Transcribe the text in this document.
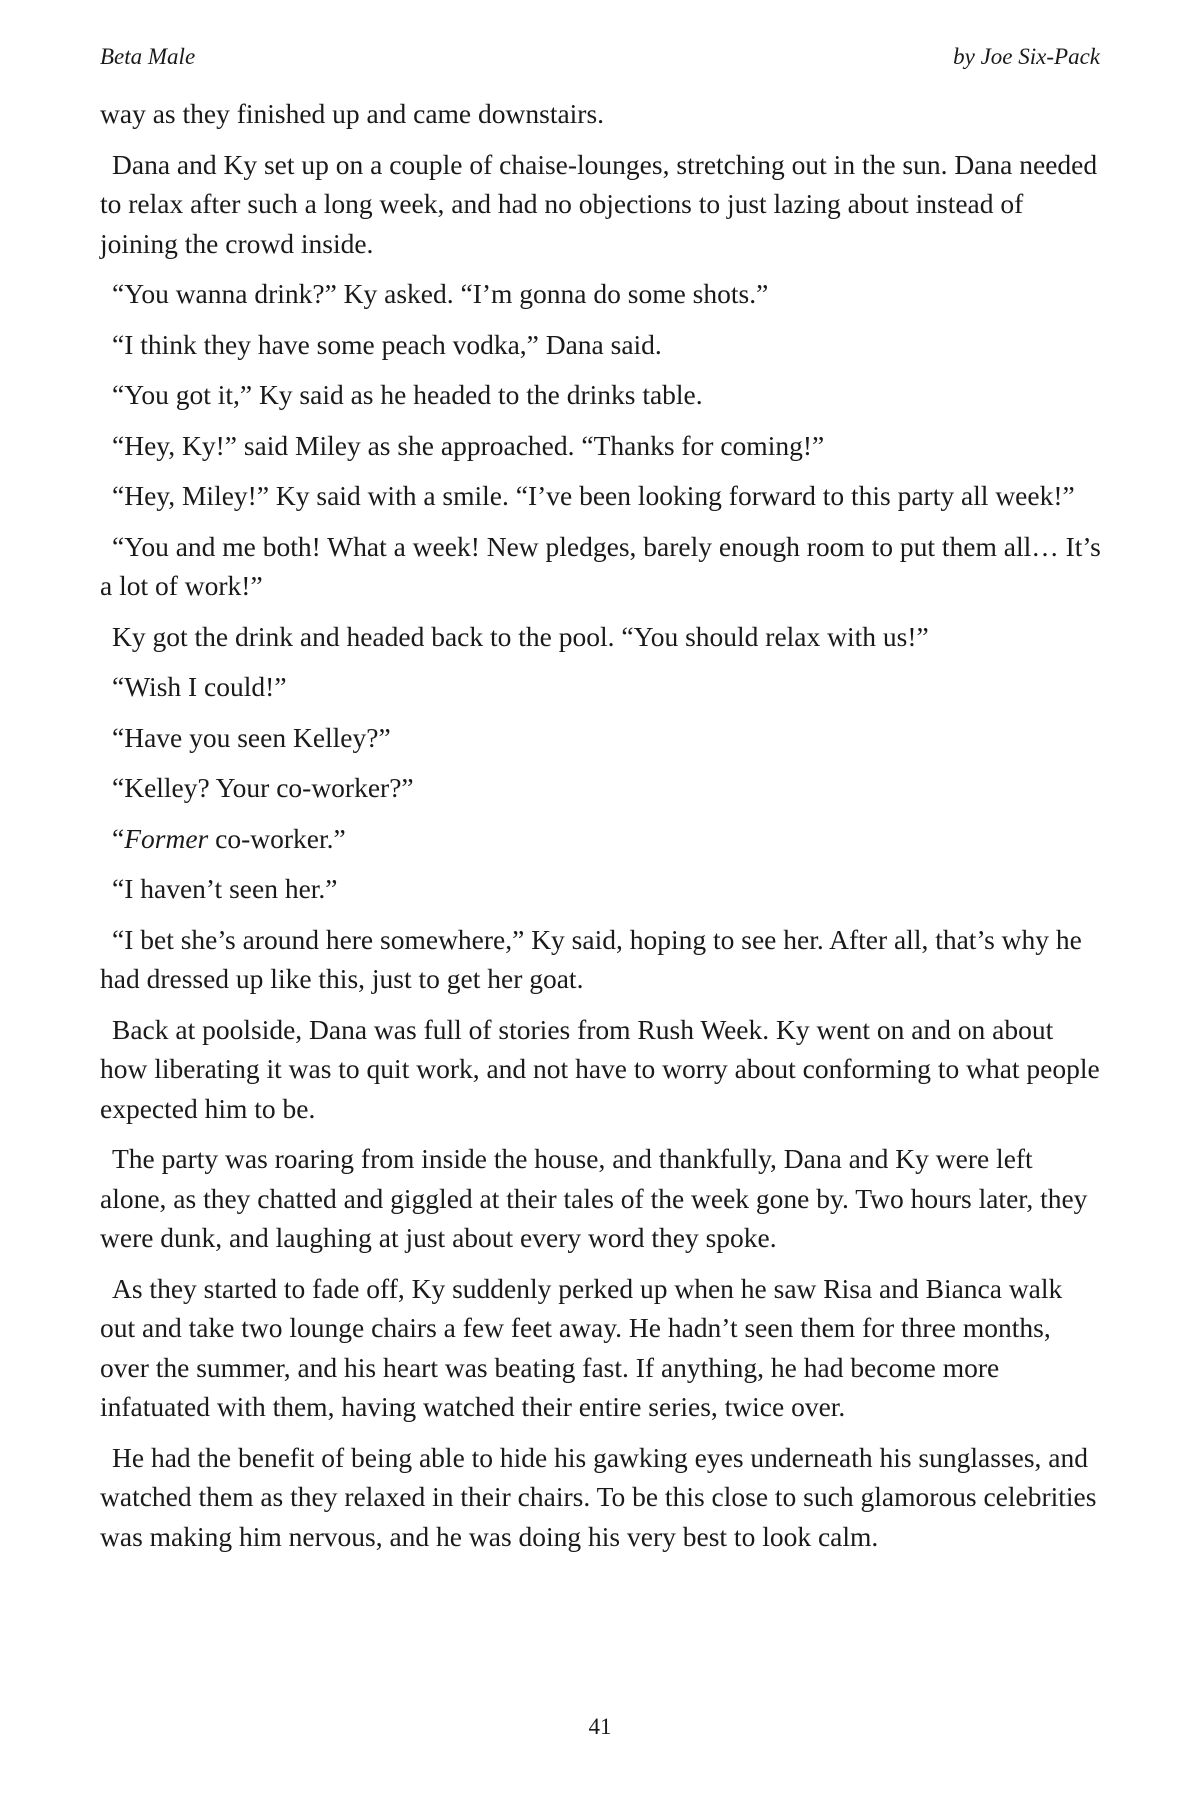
Beta Male	by Joe Six-Pack

way as they finished up and came downstairs.

Dana and Ky set up on a couple of chaise-lounges, stretching out in the sun. Dana needed to relax after such a long week, and had no objections to just lazing about instead of joining the crowd inside.

“You wanna drink?” Ky asked. “I’m gonna do some shots.”

“I think they have some peach vodka,” Dana said.

“You got it,” Ky said as he headed to the drinks table.

“Hey, Ky!” said Miley as she approached. “Thanks for coming!”

“Hey, Miley!” Ky said with a smile. “I’ve been looking forward to this party all week!”

“You and me both! What a week! New pledges, barely enough room to put them all… It’s a lot of work!”

Ky got the drink and headed back to the pool. “You should relax with us!”

“Wish I could!”

“Have you seen Kelley?”

“Kelley? Your co-worker?”

“Former co-worker.”

“I haven’t seen her.”

“I bet she’s around here somewhere,” Ky said, hoping to see her. After all, that’s why he had dressed up like this, just to get her goat.

Back at poolside, Dana was full of stories from Rush Week. Ky went on and on about how liberating it was to quit work, and not have to worry about conforming to what people expected him to be.

The party was roaring from inside the house, and thankfully, Dana and Ky were left alone, as they chatted and giggled at their tales of the week gone by. Two hours later, they were dunk, and laughing at just about every word they spoke.

As they started to fade off, Ky suddenly perked up when he saw Risa and Bianca walk out and take two lounge chairs a few feet away. He hadn’t seen them for three months, over the summer, and his heart was beating fast. If anything, he had become more infatuated with them, having watched their entire series, twice over.

He had the benefit of being able to hide his gawking eyes underneath his sunglasses, and watched them as they relaxed in their chairs. To be this close to such glamorous celebrities was making him nervous, and he was doing his very best to look calm.

41
